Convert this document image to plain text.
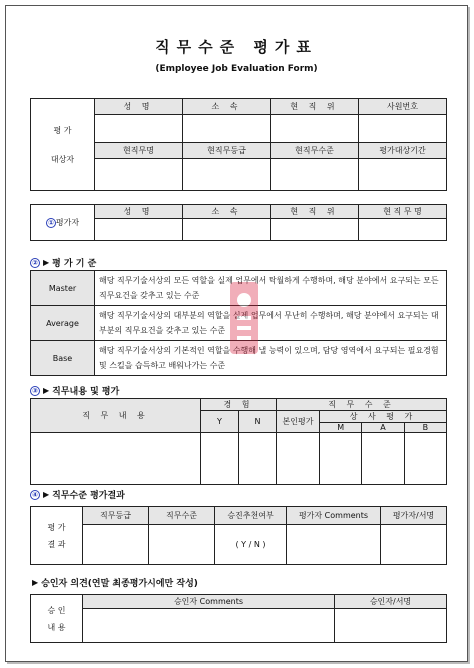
직무수준 평가표
(Employee Job Evaluation Form)
평 가
대상자	성 명	소 속	현 직 위	사원번호

	현직무명	현직무등급	현직무수준	평가대상기간

① 평가자	성 명	소 속	현 직 위	현 직 무 명

② ▶ 평 가 기 준
Master	해당 직무기술서상의 모든 역할을 실제 업무에서 탁월하게 수행하며, 해당 분야에서 요구되는 모든 직무요건을 갖추고 있는 수준
Average	해당 직무기술서상의 대부분의 역할을 실제 업무에서 무난히 수행하며, 해당 분야에서 요구되는 대부분의 직무요건을 갖추고 있는 수준
Base	해당 직무기술서상의 기본적인 역할을 수행해 낼 능력이 있으며, 담당 영역에서 요구되는 필요경험 및 스킬을 습득하고 배워나가는 수준
③ ▶ 직무내용 및 평가
직 무 내 용	경 험		직 무 수 준			
	Y	N	본인평가	상 사 평 가		
				M	A	B

④ ▶ 직무수준 평가결과
평 가
결 과	직무등급	직무수준	승진추천여부	평가자 Comments	평가자/서명
			( Y / N )		
▶ 승인자 의견(연말 최종평가시에만 작성)
승 인
내 용	승인자 Comments	승인자/서명
